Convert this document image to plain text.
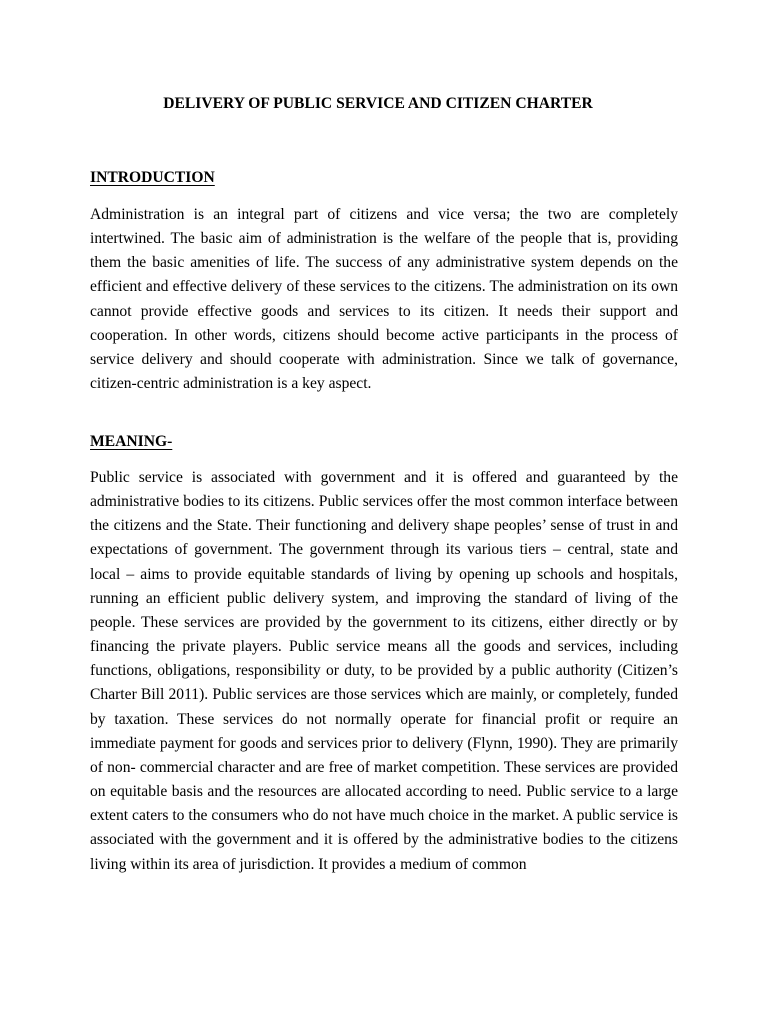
DELIVERY OF PUBLIC SERVICE AND CITIZEN CHARTER
INTRODUCTION
Administration is an integral part of citizens and vice versa; the two are completely intertwined. The basic aim of administration is the welfare of the people that is, providing them the basic amenities of life. The success of any administrative system depends on the efficient and effective delivery of these services to the citizens. The administration on its own cannot provide effective goods and services to its citizen. It needs their support and cooperation. In other words, citizens should become active participants in the process of service delivery and should cooperate with administration. Since we talk of governance, citizen-centric administration is a key aspect.
MEANING-
Public service is associated with government and it is offered and guaranteed by the administrative bodies to its citizens. Public services offer the most common interface between the citizens and the State. Their functioning and delivery shape peoples’ sense of trust in and expectations of government. The government through its various tiers – central, state and local – aims to provide equitable standards of living by opening up schools and hospitals, running an efficient public delivery system, and improving the standard of living of the people. These services are provided by the government to its citizens, either directly or by financing the private players. Public service means all the goods and services, including functions, obligations, responsibility or duty, to be provided by a public authority (Citizen’s Charter Bill 2011). Public services are those services which are mainly, or completely, funded by taxation. These services do not normally operate for financial profit or require an immediate payment for goods and services prior to delivery (Flynn, 1990). They are primarily of non- commercial character and are free of market competition. These services are provided on equitable basis and the resources are allocated according to need. Public service to a large extent caters to the consumers who do not have much choice in the market. A public service is associated with the government and it is offered by the administrative bodies to the citizens living within its area of jurisdiction. It provides a medium of common
